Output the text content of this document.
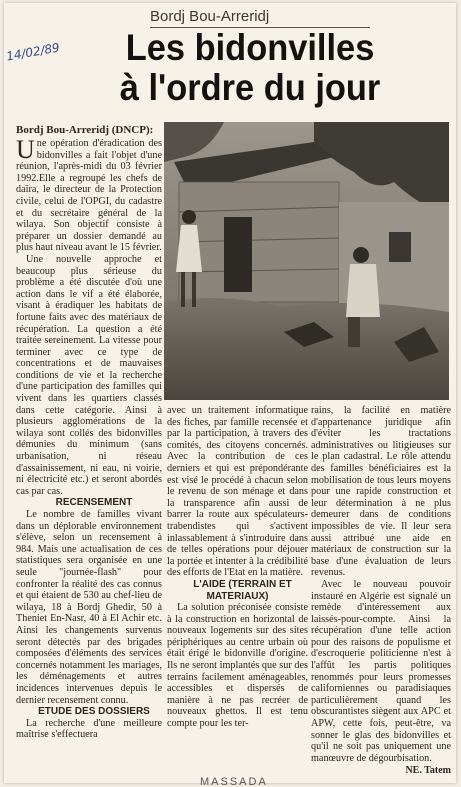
Bordj Bou-Arreridj
14/02/89	Les bidonvilles
à l'ordre du jour
Bordj Bou-Arreridj (DNCP):

Une opération d'éradication des bidonvilles a fait l'objet d'une réunion, l'après-midi du 03 février 1992.Elle a regroupé les chefs de daïra, le directeur de la Protection civile, celui de l'OPGI, du cadastre et du secrétaire général de la wilaya. Son objectif consiste à préparer un dossier demandé au plus haut niveau avant le 15 février.

Une nouvelle approche et beaucoup plus sérieuse du problème a été discutée d'où une action dans le vif a été élaborée, visant à éradiquer les habitats de fortune faits avec des matériaux de récupération. La question a été traitée sereinement. La vitesse pour terminer avec ce type de concentrations et de mauvaises conditions de vie et la recherche d'une participation des familles qui vivent dans les quartiers classés dans cette catégorie. Ainsi à plusieurs agglomérations de la wilaya sont collés des bidonvilles démunies du minimum (sans urbanisation, ni réseau d'assainissement, ni eau, ni voirie, ni électricité etc.) et seront abordés cas par cas.

RECENSEMENT

Le nombre de familles vivant dans un déplorable environnement s'élève, selon un recensement à 984. Mais une actualisation de ces statistiques sera organisée en une seule "journée-flash" pour confronter la réalité des cas connus et qui étaient de 530 au chef-lieu de wilaya, 18 à Bordj Ghedir, 50 à Theniet En-Nasr, 40 à El Achir etc. Ainsi les changements survenus seront détectés par des brigades composées d'éléments des services concernés notamment les mariages, les déménagements et autres incidences intervenues depuis le dernier recensement connu.

ETUDE DES DOSSIERS

La recherche d'une meilleure maîtrise s'effectuera

avec un traitement informatique des fiches, par famille recensée et par la participation, à travers des comités, des citoyens concernés. Avec la contribution de ces derniers et qui est prépondérante est visé le procédé à chacun selon le revenu de son ménage et dans la transparence afin aussi de barrer la route aux spéculateurs-trabendistes qui s'activent inlassablement à s'introduire dans de telles opérations pour déjouer la portée et intenter à la crédibilité des efforts de l'Etat en la matière.

L'AIDE (TERRAIN ET MATERIAUX)

La solution préconisée consiste à la construction en horizontal de nouveaux logements sur des sites périphériques au centre urbain où était érigé le bidonville d'origine. Ils ne seront implantés que sur des terrains facilement aménageables, accessibles et dispersés de manière à ne pas recréer de nouveaux ghettos. Il est tenu compte pour les ter-

rains, la facilité en matière d'appartenance juridique afin d'éviter les tractations administratives ou litigieuses sur le plan cadastral. Le rôle attendu des familles bénéficiaires est la mobilisation de tous leurs moyens pour une rapide construction et leur détermination à ne plus demeurer dans de conditions impossibles de vie. Il leur sera aussi attribué une aide en matériaux de construction sur la base d'une évaluation de leurs revenus.

Avec le nouveau pouvoir instauré en Algérie est signalé un remède d'intéressement aux laissés-pour-compte. Ainsi la récupération d'une telle action pour des raisons de populisme et d'escroquerie politicienne n'est à l'affût les partis politiques renommés pour leurs promesses californiennes ou paradisiaques particulièrement quand les obscurantistes siègent aux APC et APW, cette fois, peut-être, va sonner le glas des bidonvilles et qu'il ne soit pas uniquement une manœuvre de dégourbisation.

NE. Tatem
MASSADA
